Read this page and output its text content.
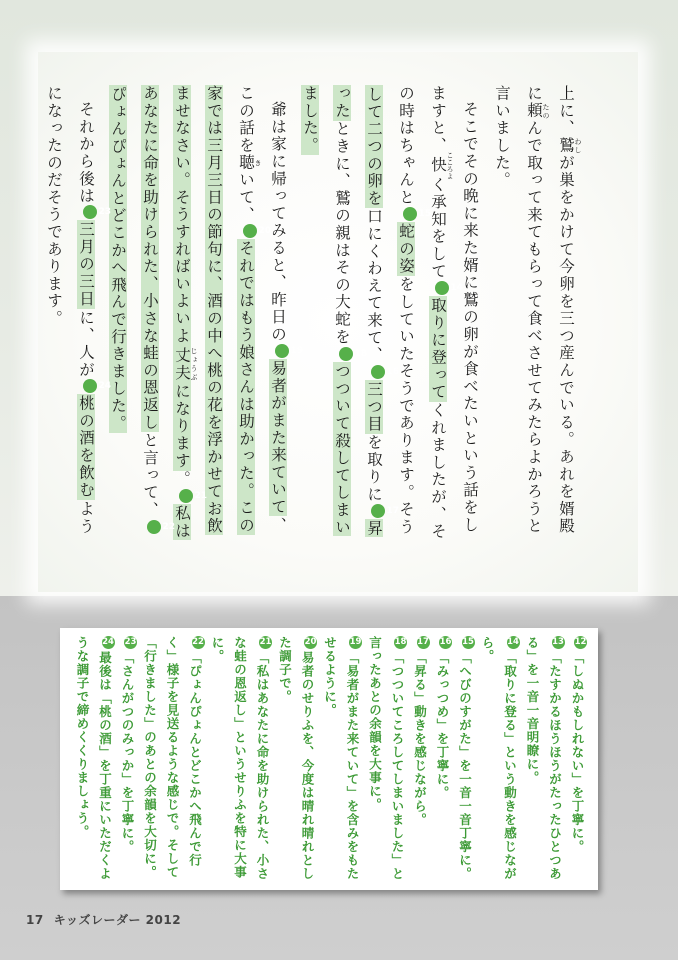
上に、鷲 わしが巣をかけて今卵を三つ産んでいる。あれを婿殿に頼 たのんで取って来てもらって食べさせてみたらよかろうと言いました。

そこでその晩に来た婿に鷲の卵が食べたいという話をしますと、快 こころよく承知をして14取りに登ってくれましたが、その時はちゃんと15蛇の姿をしていたそうであります。そうして二つの卵を口にくわえて来て、16三つ目を取りに17昇ったときに、鷲の親はその大蛇を18つついて殺してしまいました。

爺は家に帰ってみると、昨日の19易者がまた来ていて、この話を聴 きいて、20それではもう娘さんは助かった。この家では三月三日の節句に、酒の中へ桃の花を浮かせてお飲ませなさい。そうすればいよいよ丈夫 じょうぶになります。21私はあなたに命を助けられた、小さな蛙の恩返しと言って、22ぴょんぴょんとどこかへ飛んで行きました。

それから後は23三月の三日に、人が24桃の酒を飲むようになったのだそうであります。

12「しぬかもしれない」を丁寧に。

13「たすかるほうほうがたったひとつある」を一音一音明瞭に。

14「取りに登る」という動きを感じながら。

15「へびのすがた」を一音一音丁寧に。

16「みっつめ」を丁寧に。

17「昇る」動きを感じながら。

18「つついてころしてしまいました」と言ったあとの余韻を大事に。

19「易者がまた来ていて」を含みをもたせるように。

20易者のせりふを、今度は晴れ晴れとした調子で。

21「私はあなたに命を助けられた、小さな蛙の恩返し」というせりふを特に大事に。

22「ぴょんぴょんとどこかへ飛んで行く」様子を見送るような感じで。そして「行きました」のあとの余韻を大切に。

23「さんがつのみっか」を丁寧に。

24最後は「桃の酒」を丁重にいただくような調子で締めくくりましょう。

17 キッズレーダー 2012
